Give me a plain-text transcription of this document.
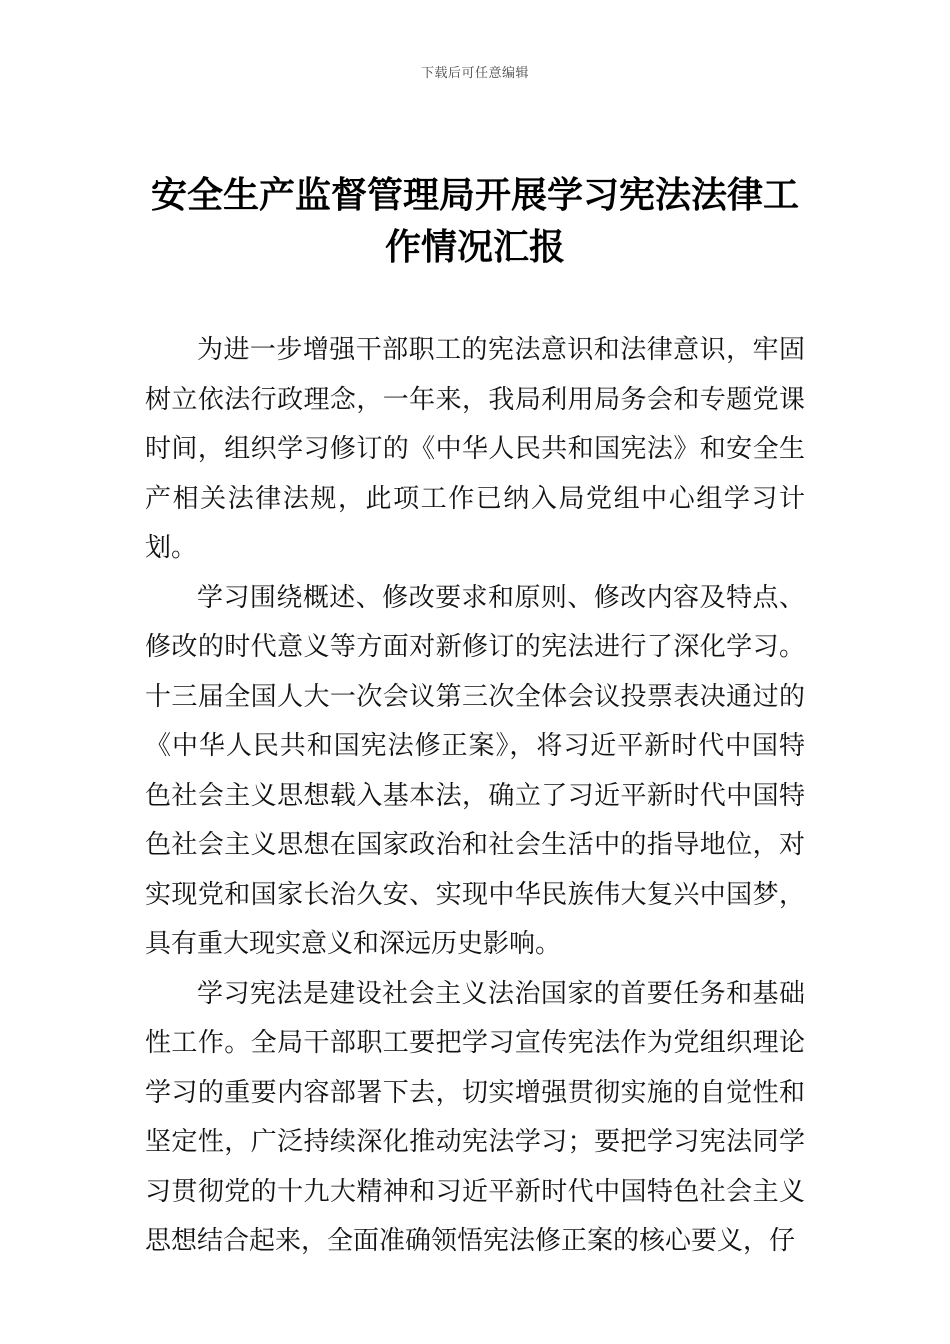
下载后可任意编辑
安全生产监督管理局开展学习宪法法律工作情况汇报

为进一步增强干部职工的宪法意识和法律意识，牢固树立依法行政理念，一年来，我局利用局务会和专题党课时间，组织学习修订的《中华人民共和国宪法》和安全生产相关法律法规，此项工作已纳入局党组中心组学习计划。

学习围绕概述、修改要求和原则、修改内容及特点、修改的时代意义等方面对新修订的宪法进行了深化学习。十三届全国人大一次会议第三次全体会议投票表决通过的《中华人民共和国宪法修正案》，将习近平新时代中国特色社会主义思想载入基本法，确立了习近平新时代中国特色社会主义思想在国家政治和社会生活中的指导地位，对实现党和国家长治久安、实现中华民族伟大复兴中国梦，具有重大现实意义和深远历史影响。

学习宪法是建设社会主义法治国家的首要任务和基础性工作。全局干部职工要把学习宣传宪法作为党组织理论学习的重要内容部署下去，切实增强贯彻实施的自觉性和坚定性，广泛持续深化推动宪法学习；要把学习宪法同学习贯彻党的十九大精神和习近平新时代中国特色社会主义思想结合起来，全面准确领悟宪法修正案的核心要义，仔
